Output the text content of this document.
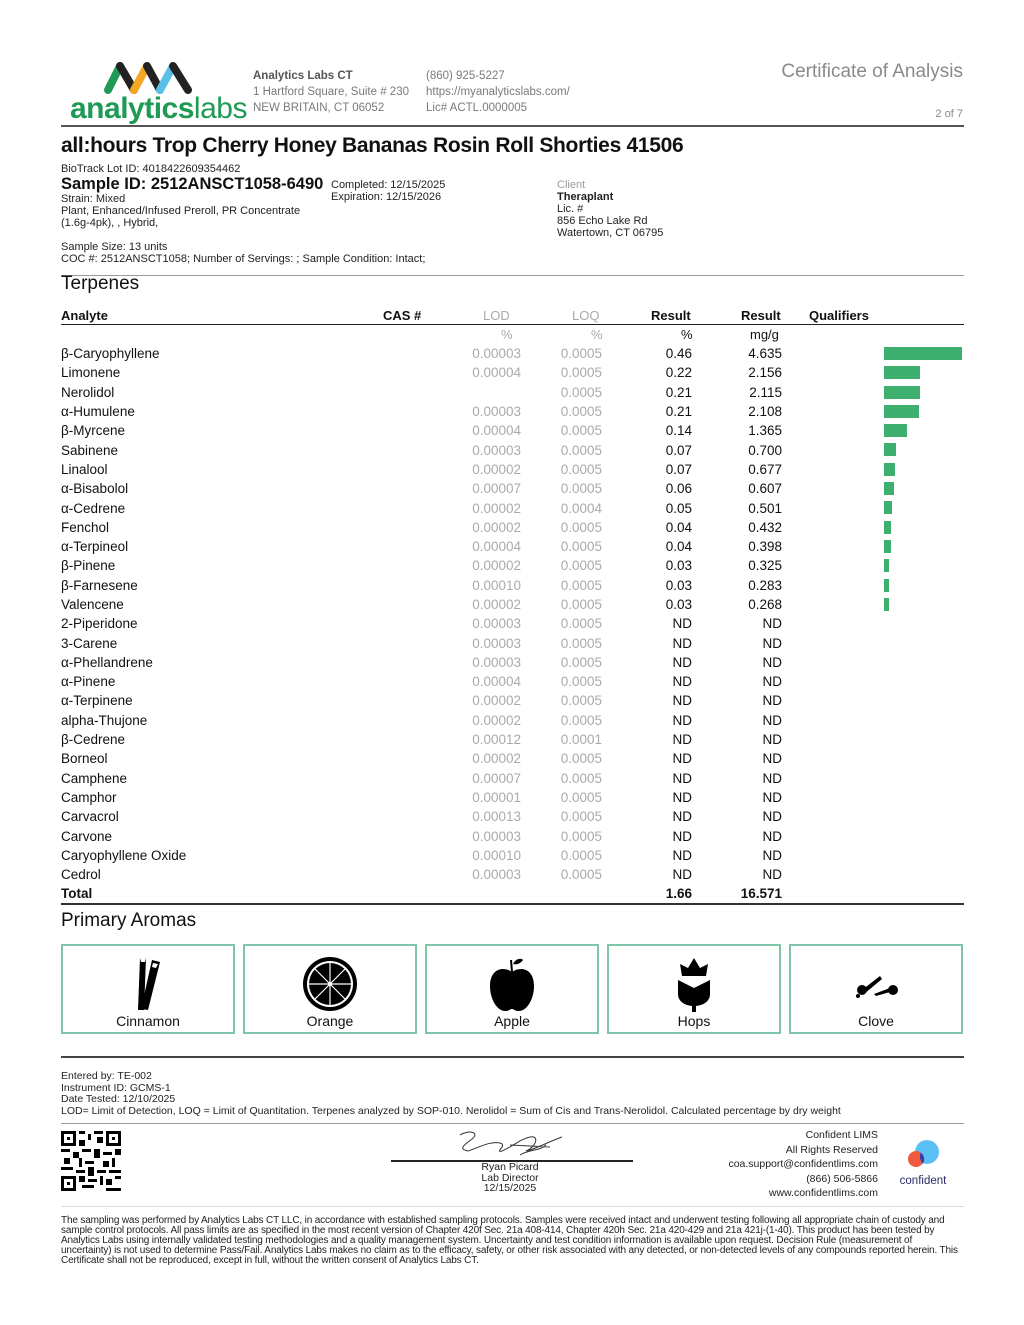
analyticslabs
Analytics Labs CT
1 Hartford Square, Suite # 230
NEW BRITAIN, CT 06052
(860) 925-5227
https://myanalyticslabs.com/
Lic# ACTL.0000005
Certificate of Analysis
2 of 7
all:hours Trop Cherry Honey Bananas Rosin Roll Shorties 41506
BioTrack Lot ID: 4018422609354462
Sample ID: 2512ANSCT1058-6490
Strain: Mixed
Plant, Enhanced/Infused Preroll, PR Concentrate
(1.6g-4pk), , Hybrid,
Completed: 12/15/2025
Expiration: 12/15/2026
Client
Theraplant
Lic. #
856 Echo Lake Rd
Watertown, CT 06795
Sample Size: 13 units
COC #: 2512ANSCT1058; Number of Servings: ; Sample Condition: Intact;
Terpenes
Analyte	CAS #	LOD	LOQ	Result	Result Qualifiers
%	%	%	mg/g
β-Caryophyllene		0.00003	0.0005	0.46	4.635		

Limonene		0.00004	0.0005	0.22	2.156		

Nerolidol			0.0005	0.21	2.115		

α-Humulene		0.00003	0.0005	0.21	2.108		

β-Myrcene		0.00004	0.0005	0.14	1.365		

Sabinene		0.00003	0.0005	0.07	0.700		

Linalool		0.00002	0.0005	0.07	0.677		

α-Bisabolol		0.00007	0.0005	0.06	0.607		

α-Cedrene		0.00002	0.0004	0.05	0.501		

Fenchol		0.00002	0.0005	0.04	0.432		

α-Terpineol		0.00004	0.0005	0.04	0.398		

β-Pinene		0.00002	0.0005	0.03	0.325		

β-Farnesene		0.00010	0.0005	0.03	0.283		

Valencene		0.00002	0.0005	0.03	0.268		

2-Piperidone		0.00003	0.0005	ND	ND		
3-Carene		0.00003	0.0005	ND	ND		
α-Phellandrene		0.00003	0.0005	ND	ND		
α-Pinene		0.00004	0.0005	ND	ND		
α-Terpinene		0.00002	0.0005	ND	ND		
alpha-Thujone		0.00002	0.0005	ND	ND		
β-Cedrene		0.00012	0.0001	ND	ND		
Borneol		0.00002	0.0005	ND	ND		
Camphene		0.00007	0.0005	ND	ND		
Camphor		0.00001	0.0005	ND	ND		
Carvacrol		0.00013	0.0005	ND	ND		
Carvone		0.00003	0.0005	ND	ND		
Caryophyllene Oxide		0.00010	0.0005	ND	ND		
Cedrol		0.00003	0.0005	ND	ND		
Total				1.66	16.571		
Primary Aromas
Cinnamon	Orange	Apple	Hops	Clove
Entered by: TE-002
Instrument ID: GCMS-1
Date Tested: 12/10/2025
LOD= Limit of Detection, LOQ = Limit of Quantitation. Terpenes analyzed by SOP-010. Nerolidol = Sum of Cis and Trans-Nerolidol. Calculated percentage by dry weight
Ryan Picard
Lab Director
12/15/2025
Confident LIMS
All Rights Reserved
coa.support@confidentlims.com
(866) 506-5866
www.confidentlims.com
confident
The sampling was performed by Analytics Labs CT LLC, in accordance with established sampling protocols. Samples were received intact and underwent testing following all appropriate chain of custody and sample control protocols. All pass limits are as specified in the most recent version of Chapter 420f Sec. 21a 408-414, Chapter 420h Sec. 21a 420-429 and 21a 421j-(1-40). This product has been tested by Analytics Labs using internally validated testing methodologies and a quality management system. Uncertainty and test condition information is available upon request. Decision Rule (measurement of uncertainty) is not used to determine Pass/Fail. Analytics Labs makes no claim as to the efficacy, safety, or other risk associated with any detected, or non-detected levels of any compounds reported herein. This Certificate shall not be reproduced, except in full, without the written consent of Analytics Labs CT.
